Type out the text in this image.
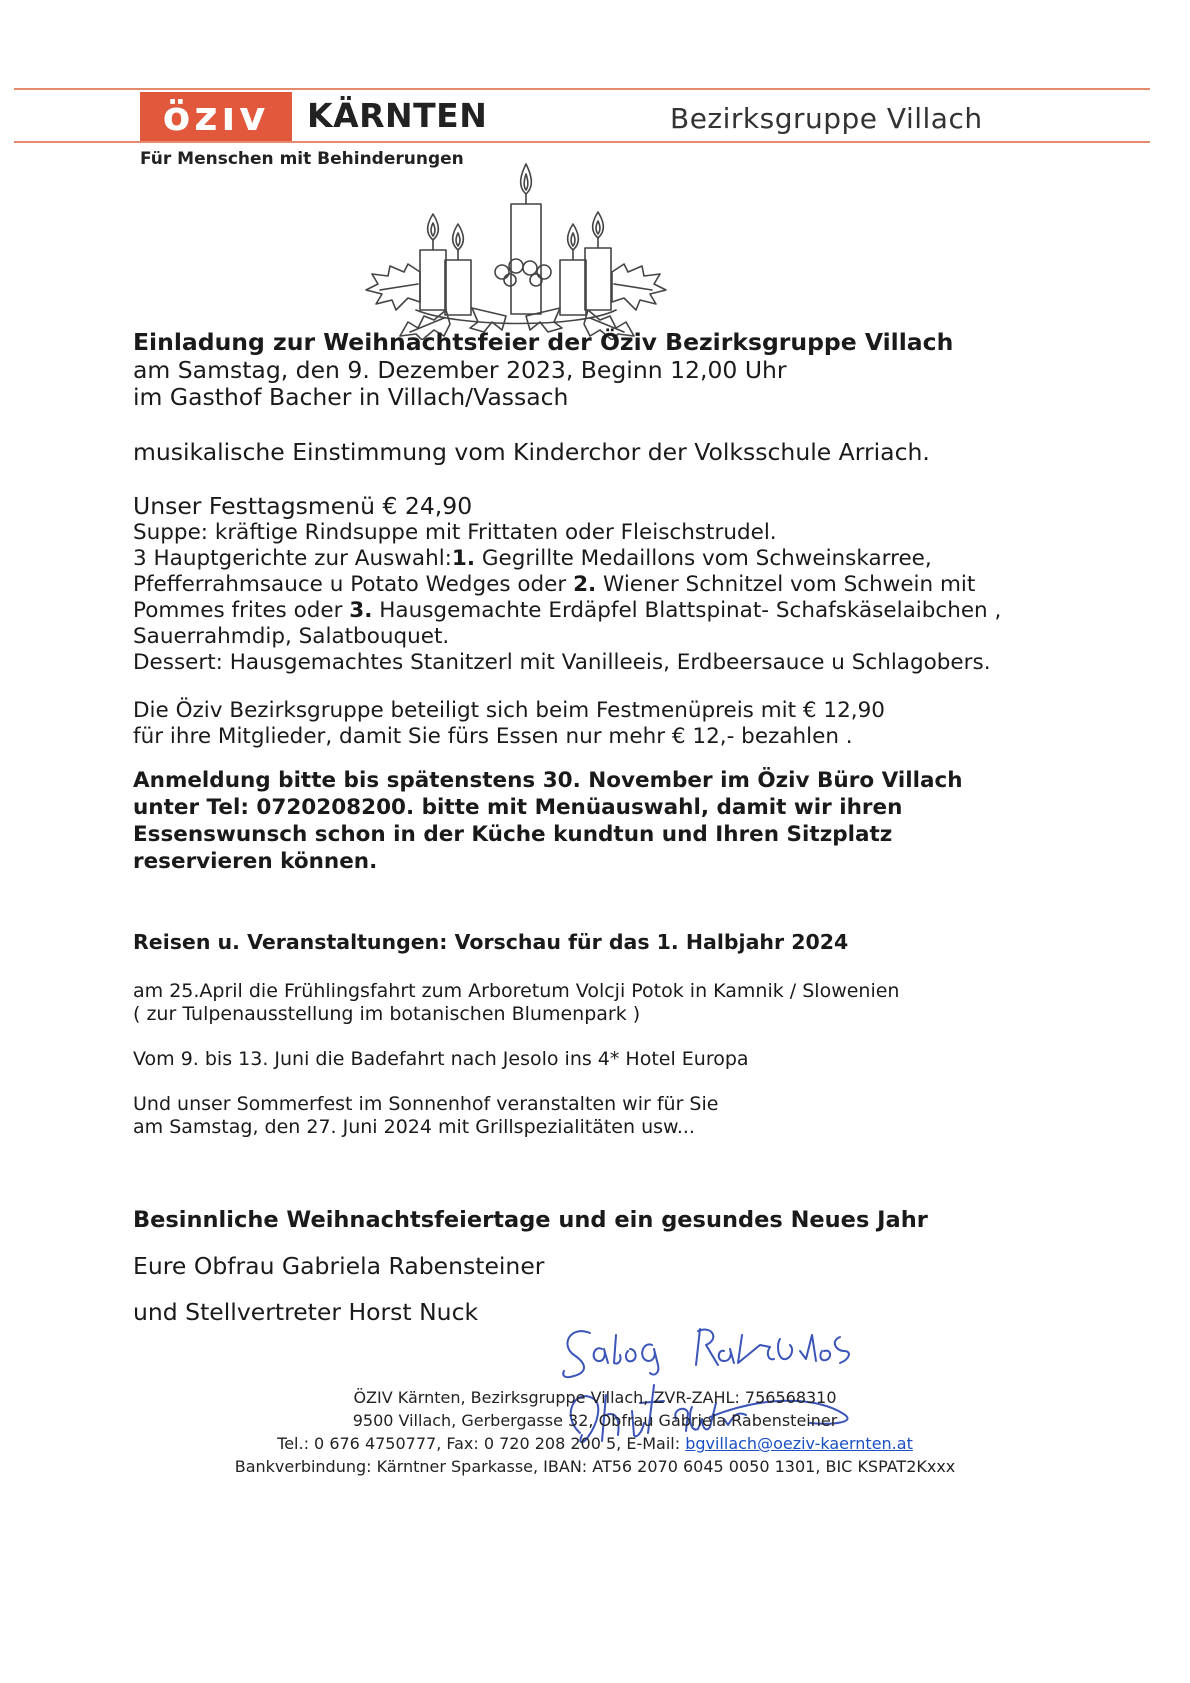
özıv	KÄRNTEN	Bezirksgruppe Villach
Für Menschen mit Behinderungen
Einladung zur Weihnachtsfeier der Öziv Bezirksgruppe Villach
am Samstag, den 9. Dezember 2023, Beginn 12,00 Uhr
im Gasthof Bacher in Villach/Vassach
musikalische Einstimmung vom Kinderchor der Volksschule Arriach.
Unser Festtagsmenü € 24,90
Suppe: kräftige Rindsuppe mit Frittaten oder Fleischstrudel.
3 Hauptgerichte zur Auswahl:1. Gegrillte Medaillons vom Schweinskarree,
Pfefferrahmsauce u Potato Wedges oder 2. Wiener Schnitzel vom Schwein mit
Pommes frites oder 3. Hausgemachte Erdäpfel Blattspinat- Schafskäselaibchen ,
Sauerrahmdip, Salatbouquet.
Dessert: Hausgemachtes Stanitzerl mit Vanilleeis, Erdbeersauce u Schlagobers.
Die Öziv Bezirksgruppe beteiligt sich beim Festmenüpreis mit € 12,90
für ihre Mitglieder, damit Sie fürs Essen nur mehr € 12,- bezahlen .
Anmeldung bitte bis spätenstens 30. November im Öziv Büro Villach
unter Tel: 0720208200. bitte mit Menüauswahl, damit wir ihren
Essenswunsch schon in der Küche kundtun und Ihren Sitzplatz
reservieren können.
Reisen u. Veranstaltungen: Vorschau für das 1. Halbjahr 2024
am 25.April die Frühlingsfahrt zum Arboretum Volcji Potok in Kamnik / Slowenien
( zur Tulpenausstellung im botanischen Blumenpark )
Vom 9. bis 13. Juni die Badefahrt nach Jesolo ins 4* Hotel Europa
Und unser Sommerfest im Sonnenhof veranstalten wir für Sie
am Samstag, den 27. Juni 2024 mit Grillspezialitäten usw...
Besinnliche Weihnachtsfeiertage und ein gesundes Neues Jahr
Eure Obfrau Gabriela Rabensteiner
und Stellvertreter Horst Nuck
ÖZIV Kärnten, Bezirksgruppe Villach, ZVR-ZAHL: 756568310
9500 Villach, Gerbergasse 32, Obfrau Gabriela Rabensteiner
Tel.: 0 676 4750777, Fax: 0 720 208 200 5, E-Mail: bgvillach@oeziv-kaernten.at
Bankverbindung: Kärntner Sparkasse, IBAN: AT56 2070 6045 0050 1301, BIC KSPAT2Kxxx
